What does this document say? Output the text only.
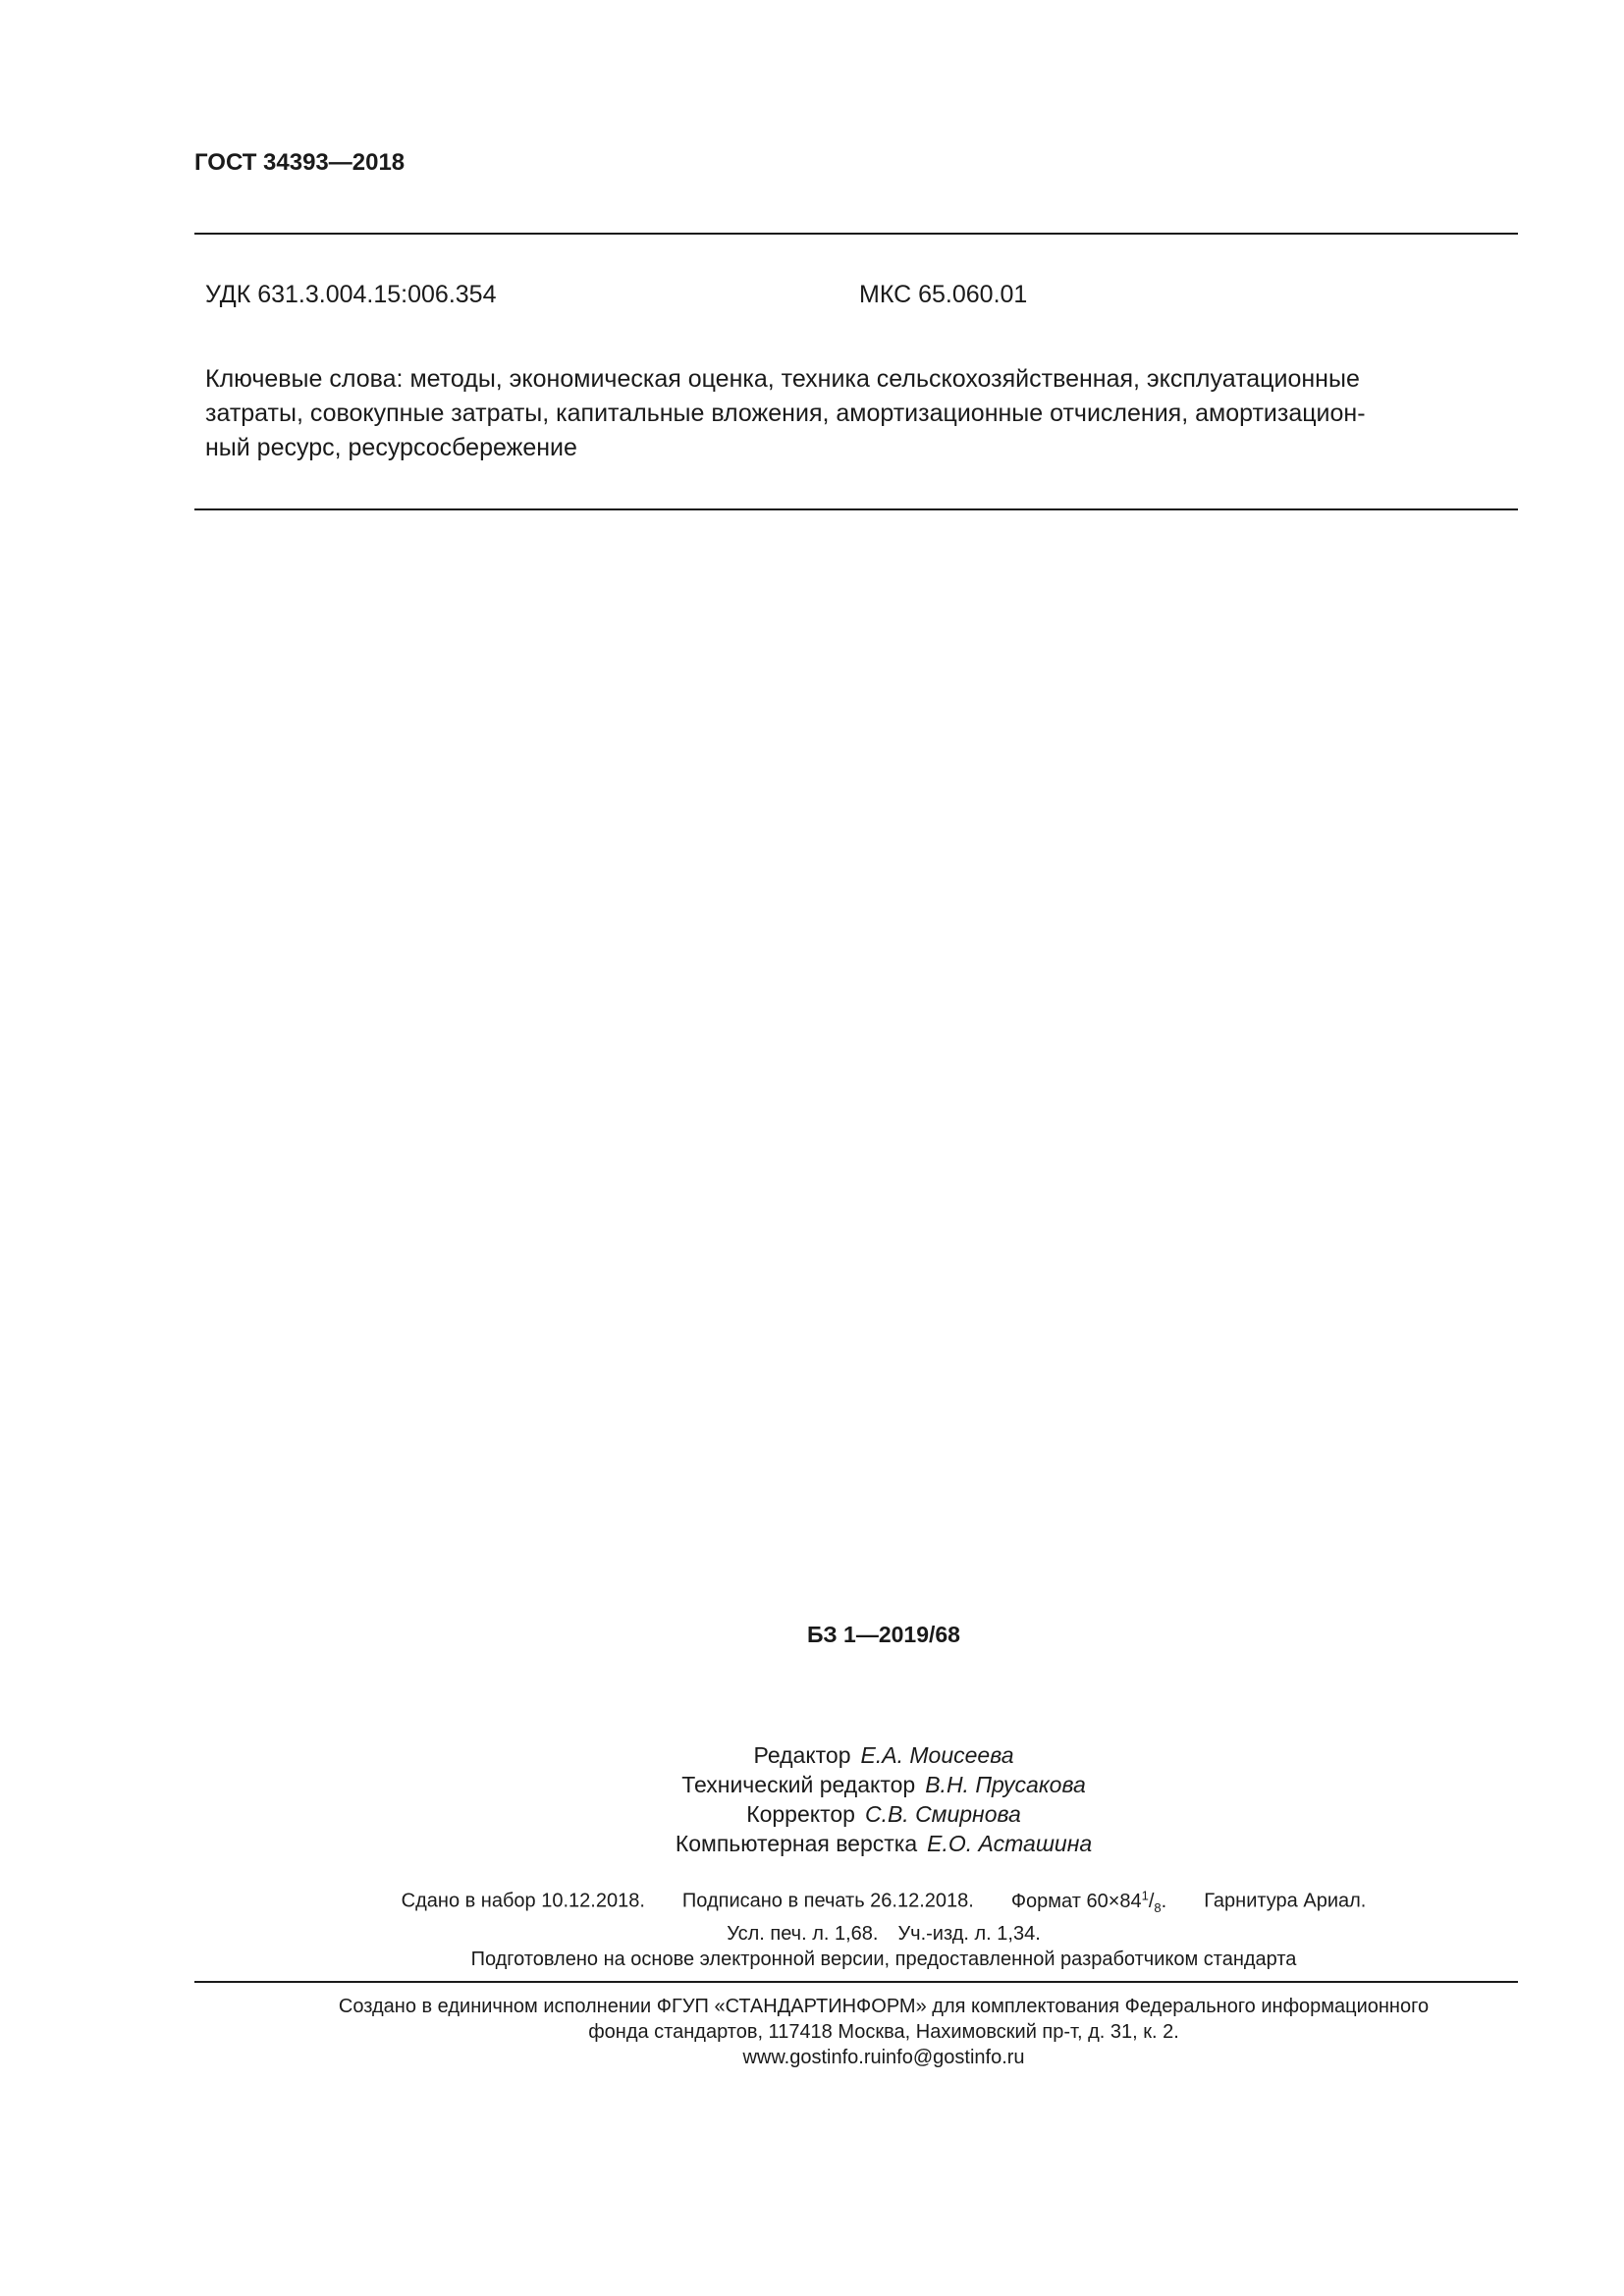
ГОСТ 34393—2018
УДК 631.3.004.15:006.354	МКС 65.060.01
Ключевые слова: методы, экономическая оценка, техника сельскохозяйственная, эксплуатационные
затраты, совокупные затраты, капитальные вложения, амортизационные отчисления, амортизацион-
ный ресурс, ресурсосбережение
БЗ 1—2019/68
Редактор Е.А. Моисеева
Технический редактор В.Н. Прусакова
Корректор С.В. Смирнова
Компьютерная верстка Е.О. Асташина
Сдано в набор 10.12.2018. Подписано в печать 26.12.2018. Формат $60\times 84^1/_8$. Гарнитура Ариал.
Усл. печ. л. 1,68. Уч.-изд. л. 1,34.
Подготовлено на основе электронной версии, предоставленной разработчиком стандарта
Создано в единичном исполнении ФГУП «СТАНДАРТИНФОРМ» для комплектования Федерального информационного
фонда стандартов, 117418 Москва, Нахимовский пр-т, д. 31, к. 2.
www.gostinfo.ruinfo@gostinfo.ru
